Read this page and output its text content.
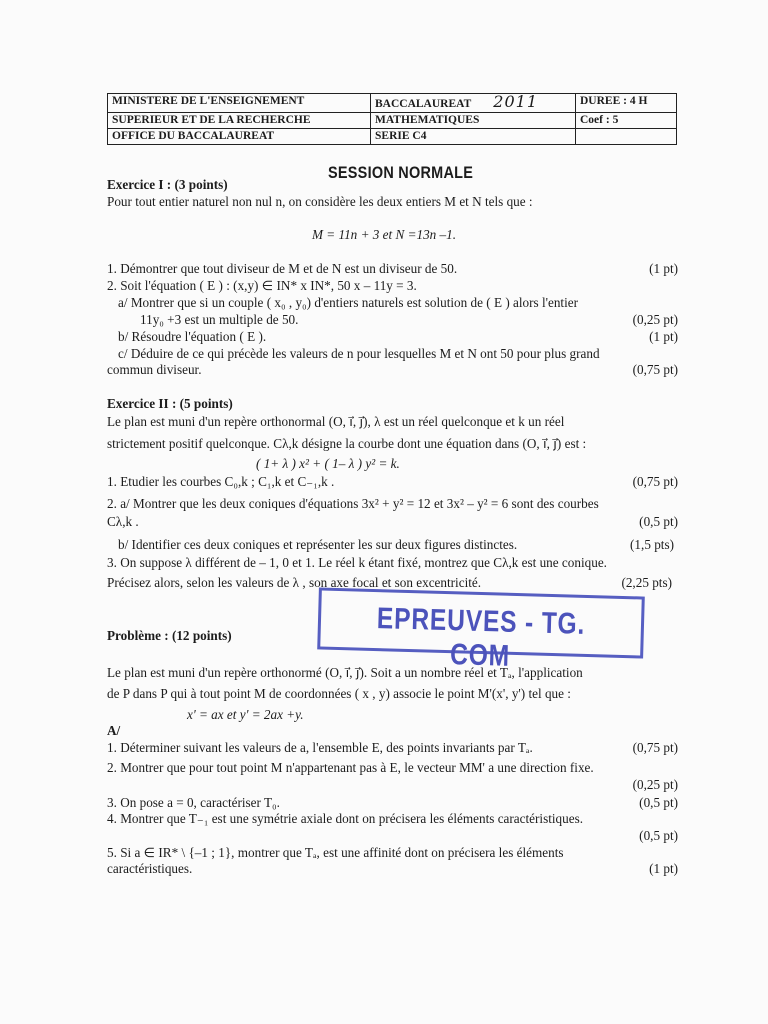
MINISTERE DE L'ENSEIGNEMENT	BACCALAUREAT 2011	DUREE : 4 H
SUPERIEUR ET DE LA RECHERCHE	MATHEMATIQUES	Coef : 5
OFFICE DU BACCALAUREAT	SERIE C4	
SESSION NORMALE
Exercice I : (3 points)
Pour tout entier naturel non nul n, on considère les deux entiers M et N tels que :
M = 11n + 3 et N =13n –1.
1. Démontrer que tout diviseur de M et de N est un diviseur de 50.
2. Soit l'équation ( E ) : (x,y) ∈ IN* x IN*, 50 x – 11y = 3.
a/ Montrer que si un couple ( x₀ , y₀) d'entiers naturels est solution de ( E ) alors l'entier
11y₀ +3 est un multiple de 50.
b/ Résoudre l'équation ( E ).
c/ Déduire de ce qui précède les valeurs de n pour lesquelles M et N ont 50 pour plus grand
commun diviseur.
Exercice II : (5 points)
Le plan est muni d'un repère orthonormal (O, i⃗, j⃗), λ est un réel quelconque et k un réel
strictement positif quelconque. Cλ,k désigne la courbe dont une équation dans (O, i⃗, j⃗) est :
( 1+ λ ) x² + ( 1– λ ) y² = k.
1. Etudier les courbes C₀,k ; C₁,k et C₋₁,k .
2. a/ Montrer que les deux coniques d'équations 3x² + y² = 12 et 3x² – y² = 6 sont des courbes
Cλ,k .
b/ Identifier ces deux coniques et représenter les sur deux figures distinctes.
3. On suppose λ différent de – 1, 0 et 1. Le réel k étant fixé, montrez que Cλ,k est une conique.
Précisez alors, selon les valeurs de λ , son axe focal et son excentricité.
Problème : (12 points)
Le plan est muni d'un repère orthonormé (O, i⃗, j⃗). Soit a un nombre réel et Tₐ, l'application
de P dans P qui à tout point M de coordonnées ( x , y) associe le point M'(x', y') tel que :
x' = ax et y' = 2ax +y.
A/
1. Déterminer suivant les valeurs de a, l'ensemble E, des points invariants par Tₐ.
2. Montrer que pour tout point M n'appartenant pas à E, le vecteur MM' a une direction fixe.
3. On pose a = 0, caractériser T₀.
4. Montrer que T₋₁ est une symétrie axiale dont on précisera les éléments caractéristiques.
5. Si a ∈ IR* \ {–1 ; 1}, montrer que Tₐ, est une affinité dont on précisera les éléments
caractéristiques.
(1 pt)
(0,25 pt)
(1 pt)
(0,75 pt)
(0,75 pt)
(0,5 pt)
(1,5 pts)
(2,25 pts)
(0,75 pt)
(0,25 pt)
(0,5 pt)
(0,5 pt)
(1 pt)
EPREUVES - TG. COM
